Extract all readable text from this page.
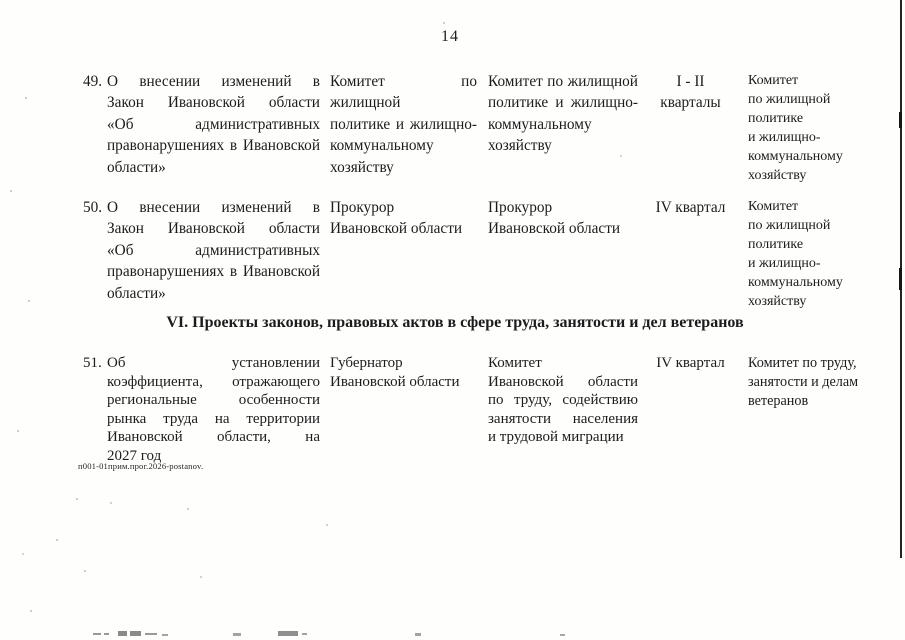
14
49. О внесении изменений в
Закон Ивановской области
«Об административных
правонарушениях в Ивановской
области»
Комитет по жилищной
политике и жилищно-
коммунальному
хозяйству
Комитет по жилищной
политике и жилищно-
коммунальному
хозяйству
I - II
кварталы
Комитет
по жилищной
политике
и жилищно-
коммунальному
хозяйству
50. О внесении изменений в
Закон Ивановской области
«Об административных
правонарушениях в Ивановской
области»
Прокурор
Ивановской области
Прокурор
Ивановской области
IV квартал	Комитет
по жилищной
политике
и жилищно-
коммунальному
хозяйству
VI. Проекты законов, правовых актов в сфере труда, занятости и дел ветеранов
51. Об установлении
коэффициента, отражающего
региональные особенности
рынка труда на территории
Ивановской области, на
2027 год
Губернатор
Ивановской области
Комитет
Ивановской области
по труду, содействию
занятости населения
и трудовой миграции
IV квартал	Комитет по труду,
занятости и делам
ветеранов
п001-01прим.прог.2026-postanov.
